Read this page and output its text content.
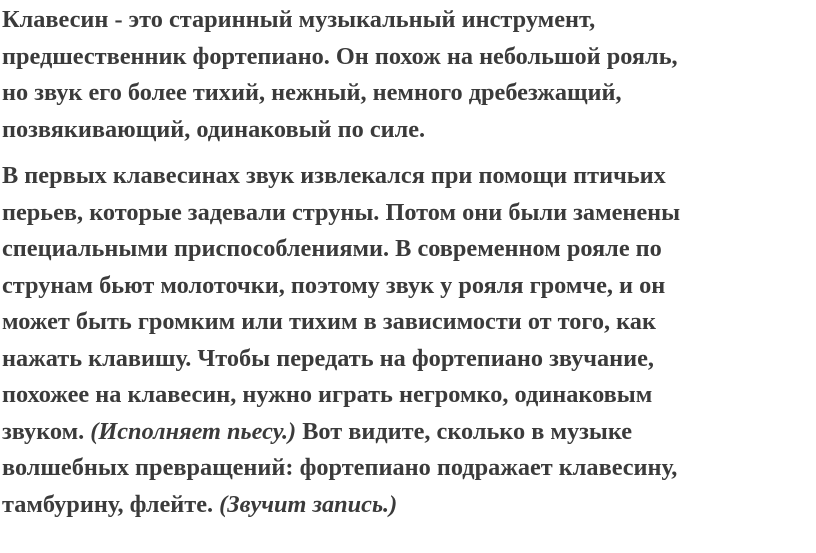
Клавесин - это старинный музыкальный инструмент,
предшественник фортепиано. Он похож на небольшой рояль,
но звук его более тихий, нежный, немного дребезжащий,
позвякивающий, одинаковый по силе.

В первых клавесинах звук извлекался при помощи птичьих
перьев, которые задевали струны. Потом они были заменены
специальными приспособлениями. В современном рояле по
струнам бьют молоточки, поэтому звук у рояля громче, и он
может быть громким или тихим в зависимости от того, как
нажать клавишу. Чтобы передать на фортепиано звучание,
похожее на клавесин, нужно играть негромко, одинаковым
звуком. (Исполняет пьесу.) Вот видите, сколько в музыке
волшебных превращений: фортепиано подражает клавесину,
тамбурину, флейте. (Звучит запись.)
